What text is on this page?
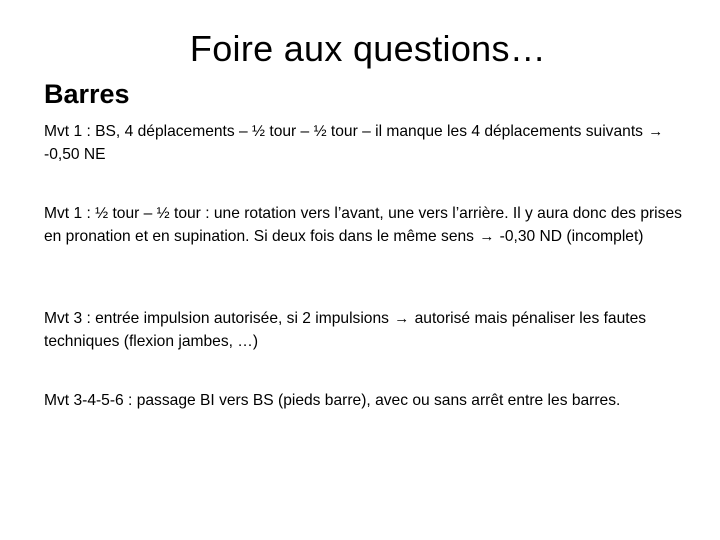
Foire aux questions…
Barres
Mvt 1 : BS, 4 déplacements – ½ tour – ½ tour – il manque les 4 déplacements suivants → -0,50 NE
Mvt 1 : ½ tour – ½ tour : une rotation vers l’avant, une vers l’arrière. Il y aura donc des prises en pronation et en supination. Si deux fois dans le même sens → -0,30 ND (incomplet)
Mvt 3 : entrée impulsion autorisée, si 2 impulsions → autorisé mais pénaliser les fautes techniques (flexion jambes, …)
Mvt 3-4-5-6 : passage BI vers BS (pieds barre), avec ou sans arrêt entre les barres.
